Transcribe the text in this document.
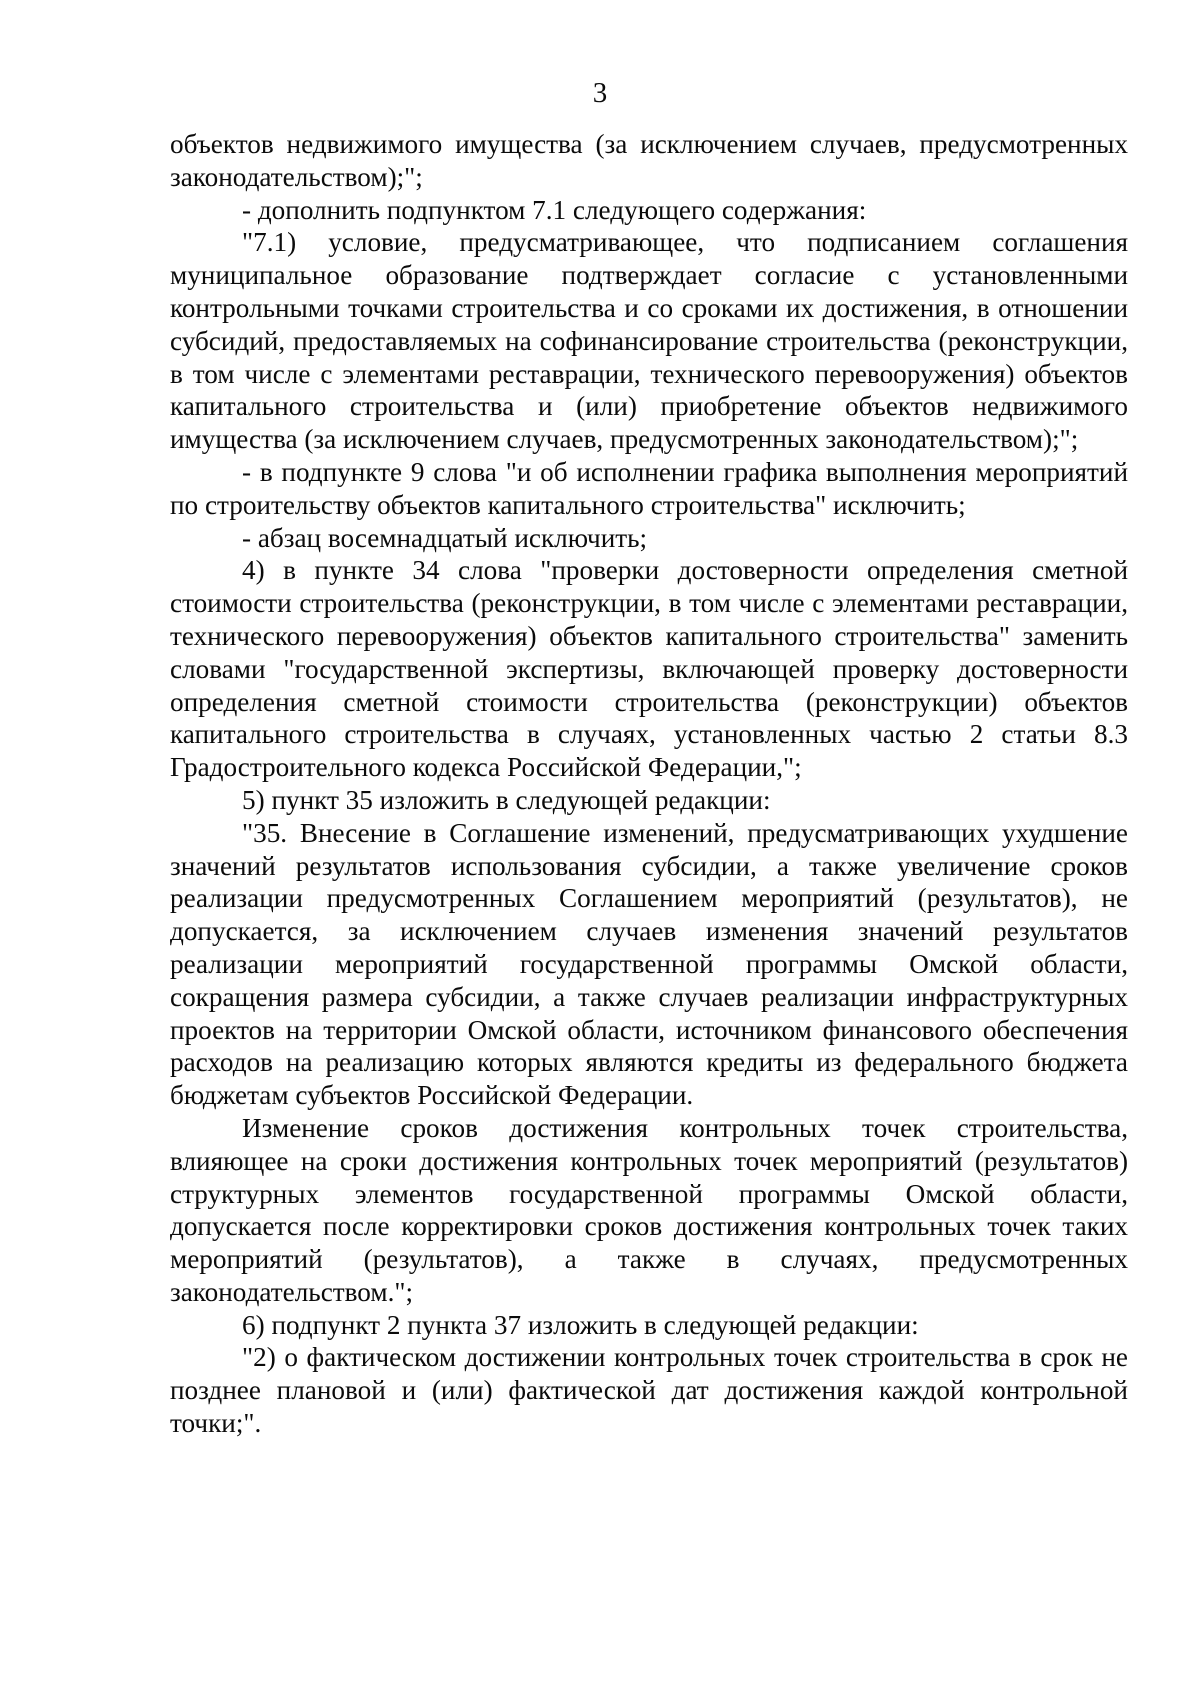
3

объектов недвижимого имущества (за исключением случаев, предусмотренных законодательством);";

- дополнить подпунктом 7.1 следующего содержания:

"7.1) условие, предусматривающее, что подписанием соглашения муниципальное образование подтверждает согласие с установленными контрольными точками строительства и со сроками их достижения, в отношении субсидий, предоставляемых на софинансирование строительства (реконструкции, в том числе с элементами реставрации, технического перевооружения) объектов капитального строительства и (или) приобретение объектов недвижимого имущества (за исключением случаев, предусмотренных законодательством);";

- в подпункте 9 слова "и об исполнении графика выполнения мероприятий по строительству объектов капитального строительства" исключить;

- абзац восемнадцатый исключить;

4) в пункте 34 слова "проверки достоверности определения сметной стоимости строительства (реконструкции, в том числе с элементами реставрации, технического перевооружения) объектов капитального строительства" заменить словами "государственной экспертизы, включающей проверку достоверности определения сметной стоимости строительства (реконструкции) объектов капитального строительства в случаях, установленных частью 2 статьи 8.3 Градостроительного кодекса Российской Федерации,";

5) пункт 35 изложить в следующей редакции:

"35. Внесение в Соглашение изменений, предусматривающих ухудшение значений результатов использования субсидии, а также увеличение сроков реализации предусмотренных Соглашением мероприятий (результатов), не допускается, за исключением случаев изменения значений результатов реализации мероприятий государственной программы Омской области, сокращения размера субсидии, а также случаев реализации инфраструктурных проектов на территории Омской области, источником финансового обеспечения расходов на реализацию которых являются кредиты из федерального бюджета бюджетам субъектов Российской Федерации.

Изменение сроков достижения контрольных точек строительства, влияющее на сроки достижения контрольных точек мероприятий (результатов) структурных элементов государственной программы Омской области, допускается после корректировки сроков достижения контрольных точек таких мероприятий (результатов), а также в случаях, предусмотренных законодательством.";

6) подпункт 2 пункта 37 изложить в следующей редакции:

"2) о фактическом достижении контрольных точек строительства в срок не позднее плановой и (или) фактической дат достижения каждой контрольной точки;".
